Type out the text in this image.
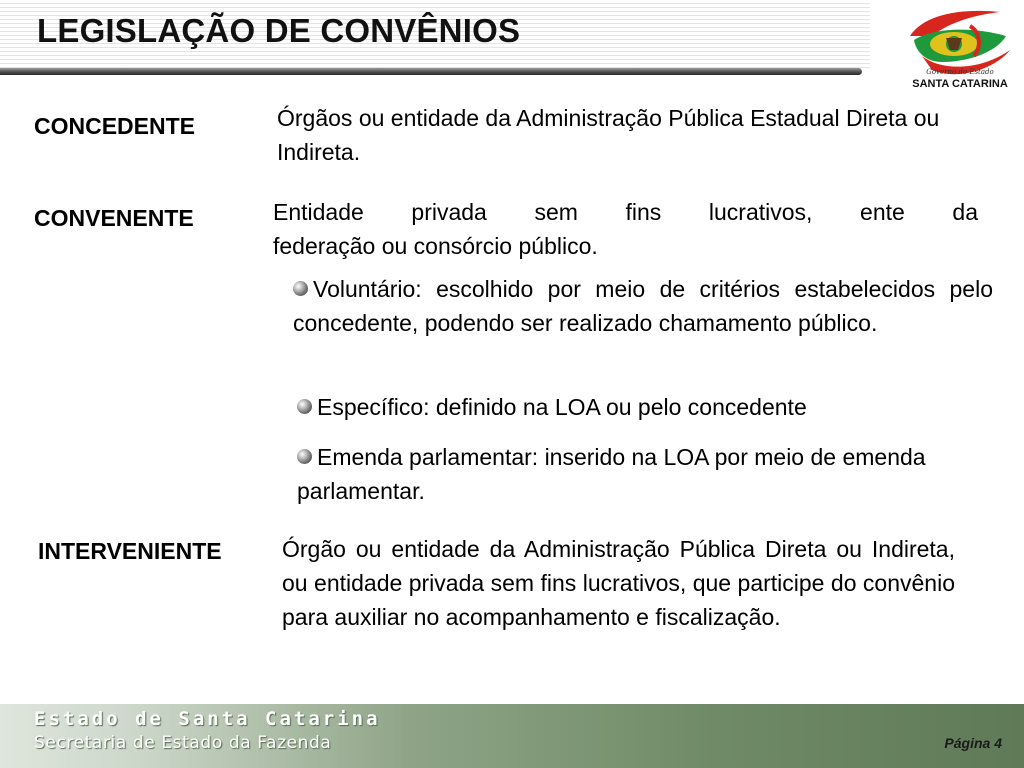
LEGISLAÇÃO DE CONVÊNIOS
Governo do Estado
SANTA CATARINA
CONCEDENTE	Órgãos ou entidade da Administração Pública Estadual Direta ou Indireta.
CONVENENTE	Entidade privada sem fins lucrativos, ente da
federação ou consórcio público.
Voluntário: escolhido por meio de critérios estabelecidos pelo concedente, podendo ser realizado chamamento público.
Específico: definido na LOA ou pelo concedente
Emenda parlamentar: inserido na LOA por meio de emenda parlamentar.
INTERVENIENTE	Órgão ou entidade da Administração Pública Direta ou Indireta, ou entidade privada sem fins lucrativos, que participe do convênio para auxiliar no acompanhamento e fiscalização.
Estado de Santa Catarina
Secretaria de Estado da Fazenda	Página 4
